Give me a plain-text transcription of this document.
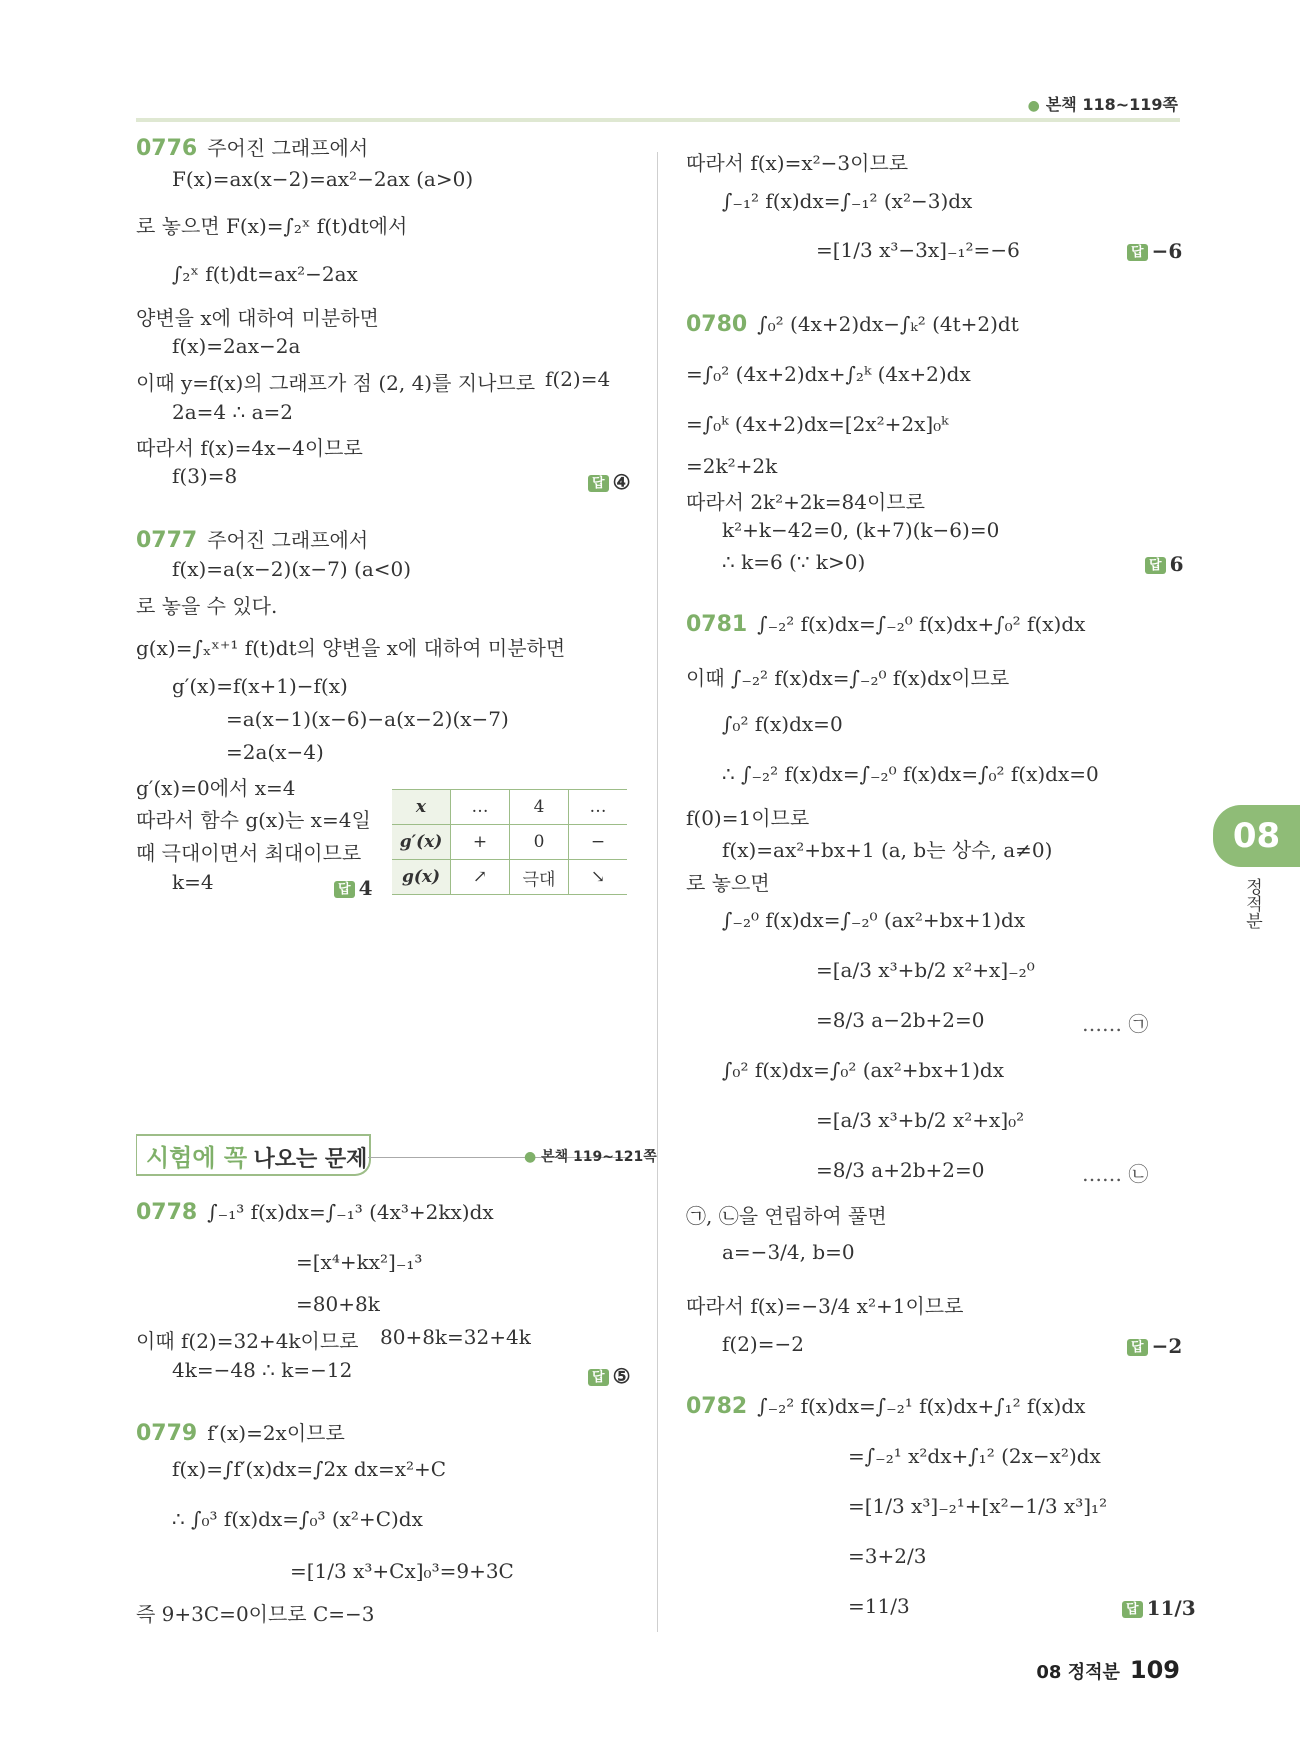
● 본책 118~119쪽
0776 주어진 그래프에서
F(x)=ax(x−2)=ax²−2ax (a>0)
로 놓으면 F(x)=∫₂ˣ f(t)dt에서
∫₂ˣ f(t)dt=ax²−2ax
양변을 x에 대하여 미분하면
f(x)=2ax−2a
이때 y=f(x)의 그래프가 점 (2, 4)를 지나므로 f(2)=4
2a=4 ∴ a=2
따라서 f(x)=4x−4이므로
f(3)=8
0777 주어진 그래프에서
f(x)=a(x−2)(x−7) (a<0)
로 놓을 수 있다.
g(x)=∫ₓˣ⁺¹ f(t)dt의 양변을 x에 대하여 미분하면
g′(x)=f(x+1)−f(x)
=a(x−1)(x−6)−a(x−2)(x−7)
=2a(x−4)
g′(x)=0에서 x=4
따라서 함수 g(x)는 x=4일
때 극대이면서 최대이므로
k=4
0778 ∫₋₁³ f(x)dx=∫₋₁³ (4x³+2kx)dx
=[x⁴+kx²]₋₁³
=80+8k
이때 f(2)=32+4k이므로 80+8k=32+4k
4k=−48 ∴ k=−12
0779 f′(x)=2x이므로
f(x)=∫f′(x)dx=∫2x dx=x²+C
∴ ∫₀³ f(x)dx=∫₀³ (x²+C)dx
=[1/3 x³+Cx]₀³=9+3C
즉 9+3C=0이므로 C=−3
따라서 f(x)=x²−3이므로
∫₋₁² f(x)dx=∫₋₁² (x²−3)dx
=[1/3 x³−3x]₋₁²=−6
0780 ∫₀² (4x+2)dx−∫ₖ² (4t+2)dt
=∫₀² (4x+2)dx+∫₂ᵏ (4x+2)dx
=∫₀ᵏ (4x+2)dx=[2x²+2x]₀ᵏ
=2k²+2k
따라서 2k²+2k=84이므로
k²+k−42=0, (k+7)(k−6)=0
∴ k=6 (∵ k>0)
0781 ∫₋₂² f(x)dx=∫₋₂⁰ f(x)dx+∫₀² f(x)dx
이때 ∫₋₂² f(x)dx=∫₋₂⁰ f(x)dx이므로
∫₀² f(x)dx=0
∴ ∫₋₂² f(x)dx=∫₋₂⁰ f(x)dx=∫₀² f(x)dx=0
f(0)=1이므로
f(x)=ax²+bx+1 (a, b는 상수, a≠0)
로 놓으면
∫₋₂⁰ f(x)dx=∫₋₂⁰ (ax²+bx+1)dx
=[a/3 x³+b/2 x²+x]₋₂⁰
=8/3 a−2b+2=0
∫₀² f(x)dx=∫₀² (ax²+bx+1)dx
=[a/3 x³+b/2 x²+x]₀²
=8/3 a+2b+2=0
㉠, ㉡을 연립하여 풀면
a=−3/4, b=0
따라서 f(x)=−3/4 x²+1이므로
f(2)=−2
0782 ∫₋₂² f(x)dx=∫₋₂¹ f(x)dx+∫₁² f(x)dx
=∫₋₂¹ x²dx+∫₁² (2x−x²)dx
=[1/3 x³]₋₂¹+[x²−1/3 x³]₁²
=3+2/3
=11/3
답 ④
답 4
답 ⑤
답 −6
답 6
답 −2
답 11/3
…… ㉠
…… ㉡
x	…	4	…
g′(x)	+	0	−
g(x)	↗	극대	↘
시험에 꼭 나오는 문제	● 본책 119~121쪽
08
정적분
08 정적분 109
